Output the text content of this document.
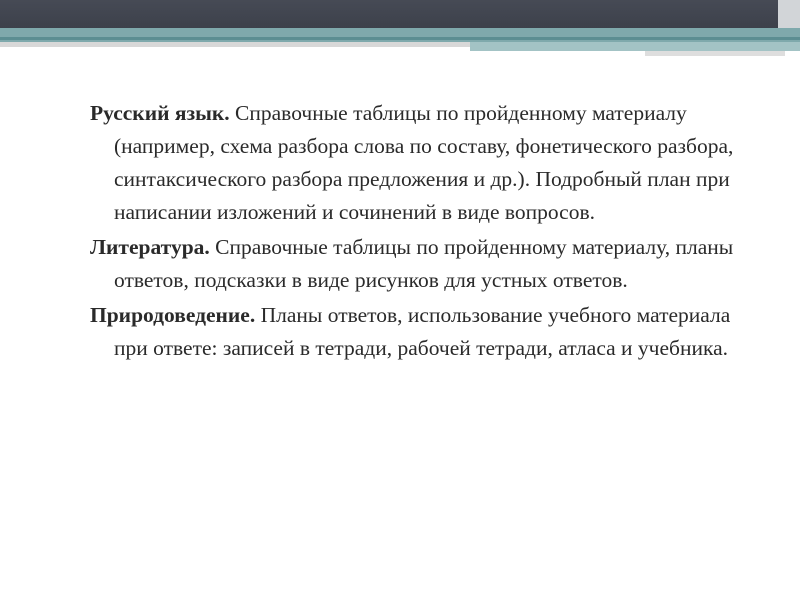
Русский язык. Справочные таблицы по пройденному материалу (например, схема разбора слова по составу, фонетического разбора, синтаксического разбора предложения и др.). Подробный план при написании изложений и сочинений в виде вопросов.

Литература. Справочные таблицы по пройденному материалу, планы ответов, подсказки в виде рисунков для устных ответов.

Природоведение. Планы ответов, использование учебного материала при ответе: записей в тетради, рабочей тетради, атласа и учебника.
